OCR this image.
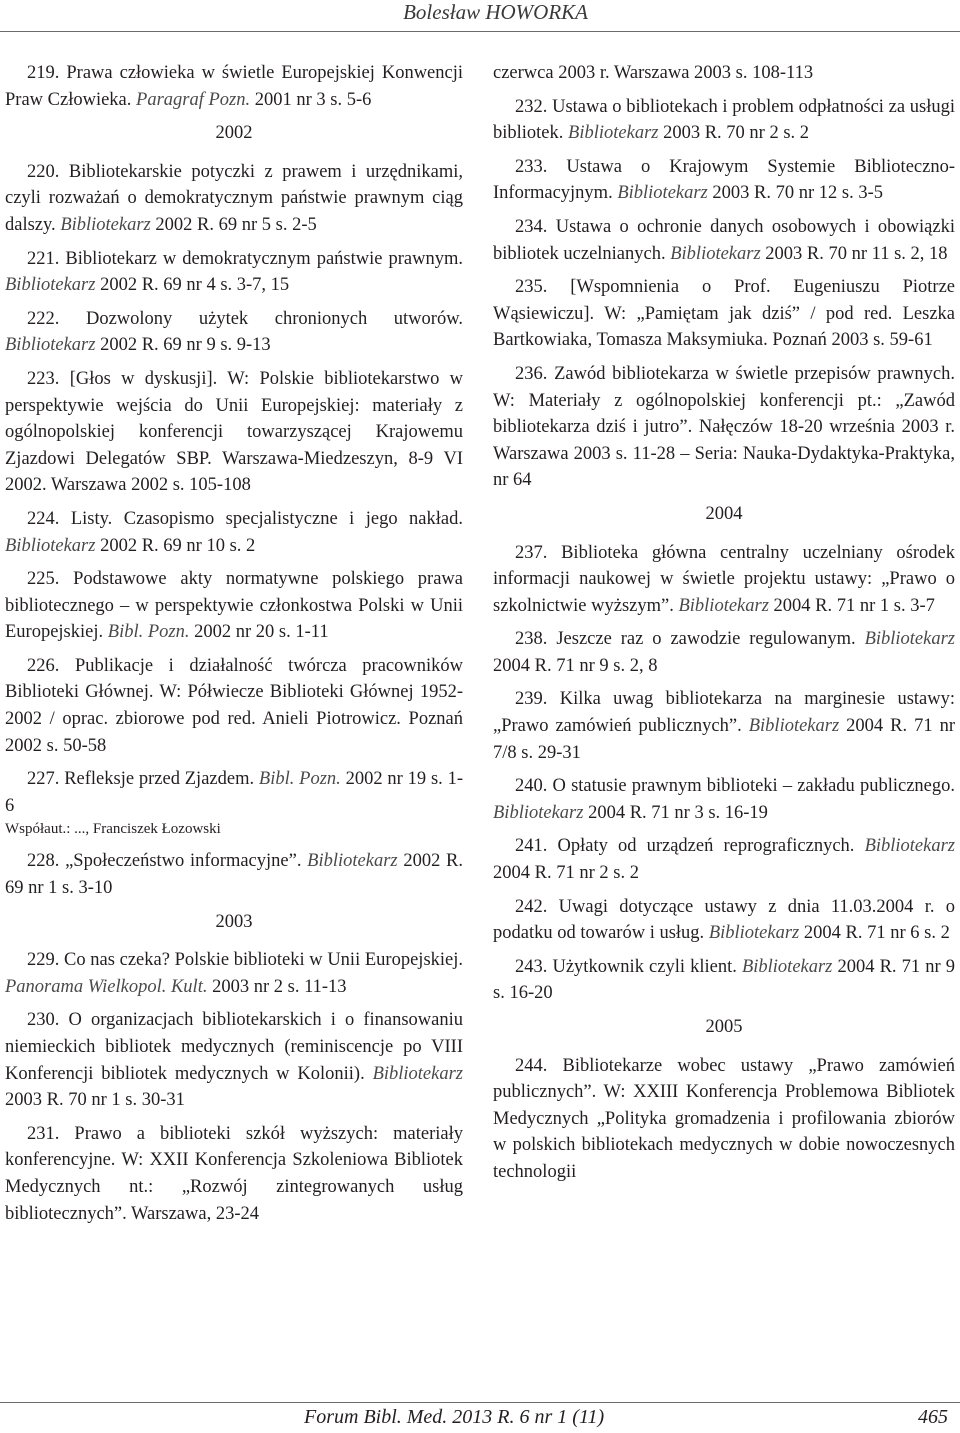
Bolesław HOWORKA

219. Prawa człowieka w świetle Europejskiej Konwencji Praw Człowieka. Paragraf Pozn. 2001 nr 3 s. 5-6

2002

220. Bibliotekarskie potyczki z prawem i urzędnikami, czyli rozważań o demokratycznym państwie prawnym ciąg dalszy. Bibliotekarz 2002 R. 69 nr 5 s. 2-5

221. Bibliotekarz w demokratycznym państwie prawnym. Bibliotekarz 2002 R. 69 nr 4 s. 3-7, 15

222. Dozwolony użytek chronionych utworów. Bibliotekarz 2002 R. 69 nr 9 s. 9-13

223. [Głos w dyskusji]. W: Polskie bibliotekarstwo w perspektywie wejścia do Unii Europejskiej: materiały z ogólnopolskiej konferencji towarzyszącej Krajowemu Zjazdowi Delegatów SBP. Warszawa-Miedzeszyn, 8-9 VI 2002. Warszawa 2002 s. 105-108

224. Listy. Czasopismo specjalistyczne i jego nakład. Bibliotekarz 2002 R. 69 nr 10 s. 2

225. Podstawowe akty normatywne polskiego prawa bibliotecznego – w perspektywie członkostwa Polski w Unii Europejskiej. Bibl. Pozn. 2002 nr 20 s. 1-11

226. Publikacje i działalność twórcza pracowników Biblioteki Głównej. W: Półwiecze Biblioteki Głównej 1952-2002 / oprac. zbiorowe pod red. Anieli Piotrowicz. Poznań 2002 s. 50-58

227. Refleksje przed Zjazdem. Bibl. Pozn. 2002 nr 19 s. 1-6

Współaut.: ..., Franciszek Łozowski

228. „Społeczeństwo informacyjne”. Bibliotekarz 2002 R. 69 nr 1 s. 3-10

2003

229. Co nas czeka? Polskie biblioteki w Unii Europejskiej. Panorama Wielkopol. Kult. 2003 nr 2 s. 11-13

230. O organizacjach bibliotekarskich i o finansowaniu niemieckich bibliotek medycznych (reminiscencje po VIII Konferencji bibliotek medycznych w Kolonii). Bibliotekarz 2003 R. 70 nr 1 s. 30-31

231. Prawo a biblioteki szkół wyższych: materiały konferencyjne. W: XXII Konferencja Szkoleniowa Bibliotek Medycznych nt.: „Rozwój zintegrowanych usług bibliotecznych”. Warszawa, 23-24

czerwca 2003 r. Warszawa 2003 s. 108-113

232. Ustawa o bibliotekach i problem odpłatności za usługi bibliotek. Bibliotekarz 2003 R. 70 nr 2 s. 2

233. Ustawa o Krajowym Systemie Biblioteczno-Informacyjnym. Bibliotekarz 2003 R. 70 nr 12 s. 3-5

234. Ustawa o ochronie danych osobowych i obowiązki bibliotek uczelnianych. Bibliotekarz 2003 R. 70 nr 11 s. 2, 18

235. [Wspomnienia o Prof. Eugeniuszu Piotrze Wąsiewiczu]. W: „Pamiętam jak dziś” / pod red. Leszka Bartkowiaka, Tomasza Maksymiuka. Poznań 2003 s. 59-61

236. Zawód bibliotekarza w świetle przepisów prawnych. W: Materiały z ogólnopolskiej konferencji pt.: „Zawód bibliotekarza dziś i jutro”. Nałęczów 18-20 września 2003 r. Warszawa 2003 s. 11-28 – Seria: Nauka-Dydaktyka-Praktyka, nr 64

2004

237. Biblioteka główna centralny uczelniany ośrodek informacji naukowej w świetle projektu ustawy: „Prawo o szkolnictwie wyższym”. Bibliotekarz 2004 R. 71 nr 1 s. 3-7

238. Jeszcze raz o zawodzie regulowanym. Bibliotekarz 2004 R. 71 nr 9 s. 2, 8

239. Kilka uwag bibliotekarza na marginesie ustawy: „Prawo zamówień publicznych”. Bibliotekarz 2004 R. 71 nr 7/8 s. 29-31

240. O statusie prawnym biblioteki – zakładu publicznego. Bibliotekarz 2004 R. 71 nr 3 s. 16-19

241. Opłaty od urządzeń reprograficznych. Bibliotekarz 2004 R. 71 nr 2 s. 2

242. Uwagi dotyczące ustawy z dnia 11.03.2004 r. o podatku od towarów i usług. Bibliotekarz 2004 R. 71 nr 6 s. 2

243. Użytkownik czyli klient. Bibliotekarz 2004 R. 71 nr 9 s. 16-20

2005

244. Bibliotekarze wobec ustawy „Prawo zamówień publicznych”. W: XXIII Konferencja Problemowa Bibliotek Medycznych „Polityka gromadzenia i profilowania zbiorów w polskich bibliotekach medycznych w dobie nowoczesnych technologii

Forum Bibl. Med. 2013 R. 6 nr 1 (11)	465
